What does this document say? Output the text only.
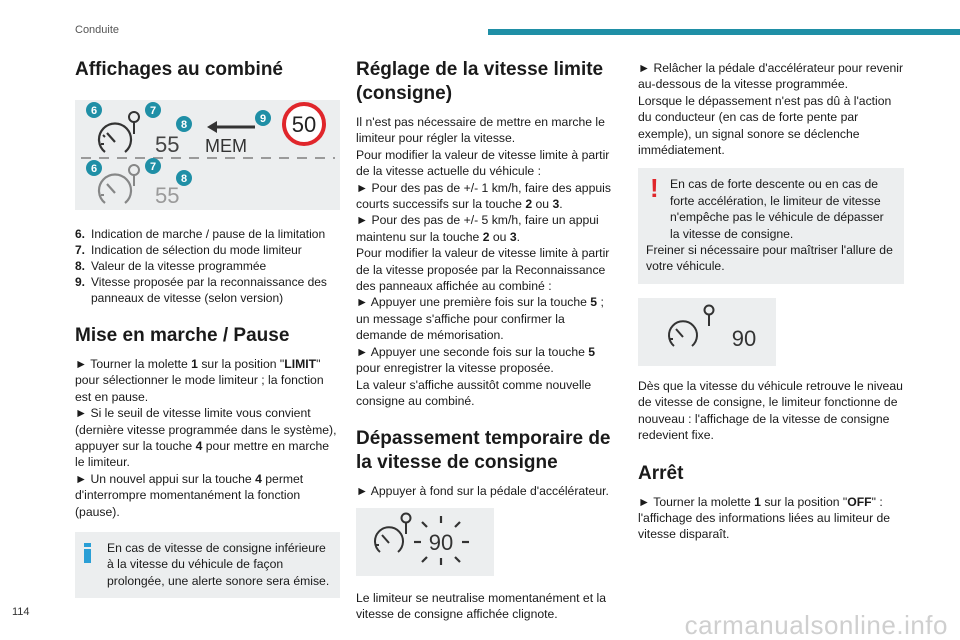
Conduite
Affichages au combiné
55 MEM
50
6	7
8	9
55
6	7
8
6. Indication de marche / pause de la limitation
7. Indication de sélection du mode limiteur
8. Valeur de la vitesse programmée
9. Vitesse proposée par la reconnaissance des panneaux de vitesse (selon version)
Mise en marche / Pause

► Tourner la molette 1 sur la position "LIMIT" pour sélectionner le mode limiteur ; la fonction est en pause.

► Si le seuil de vitesse limite vous convient (dernière vitesse programmée dans le système), appuyer sur la touche 4 pour mettre en marche le limiteur.

► Un nouvel appui sur la touche 4 permet d'interrompre momentanément la fonction (pause).

En cas de vitesse de consigne inférieure à la vitesse du véhicule de façon prolongée, une alerte sonore sera émise.

Réglage de la vitesse limite (consigne)

Il n'est pas nécessaire de mettre en marche le limiteur pour régler la vitesse.

Pour modifier la valeur de vitesse limite à partir de la vitesse actuelle du véhicule :

► Pour des pas de +/- 1 km/h, faire des appuis courts successifs sur la touche 2 ou 3.

► Pour des pas de +/- 5 km/h, faire un appui maintenu sur la touche 2 ou 3.

Pour modifier la valeur de vitesse limite à partir de la vitesse proposée par la Reconnaissance des panneaux affichée au combiné :

► Appuyer une première fois sur la touche 5 ; un message s'affiche pour confirmer la demande de mémorisation.

► Appuyer une seconde fois sur la touche 5 pour enregistrer la vitesse proposée.

La valeur s'affiche aussitôt comme nouvelle consigne au combiné.

Dépassement temporaire de la vitesse de consigne

► Appuyer à fond sur la pédale d'accélérateur.

90

Le limiteur se neutralise momentanément et la vitesse de consigne affichée clignote.

► Relâcher la pédale d'accélérateur pour revenir au-dessous de la vitesse programmée.

Lorsque le dépassement n'est pas dû à l'action du conducteur (en cas de forte pente par exemple), un signal sonore se déclenche immédiatement.

! En cas de forte descente ou en cas de forte accélération, le limiteur de vitesse n'empêche pas le véhicule de dépasser la vitesse de consigne.

Freiner si nécessaire pour maîtriser l'allure de votre véhicule.

90

Dès que la vitesse du véhicule retrouve le niveau de vitesse de consigne, le limiteur fonctionne de nouveau : l'affichage de la vitesse de consigne redevient fixe.

Arrêt

► Tourner la molette 1 sur la position "OFF" : l'affichage des informations liées au limiteur de vitesse disparaît.

114	carmanualsonline.info
